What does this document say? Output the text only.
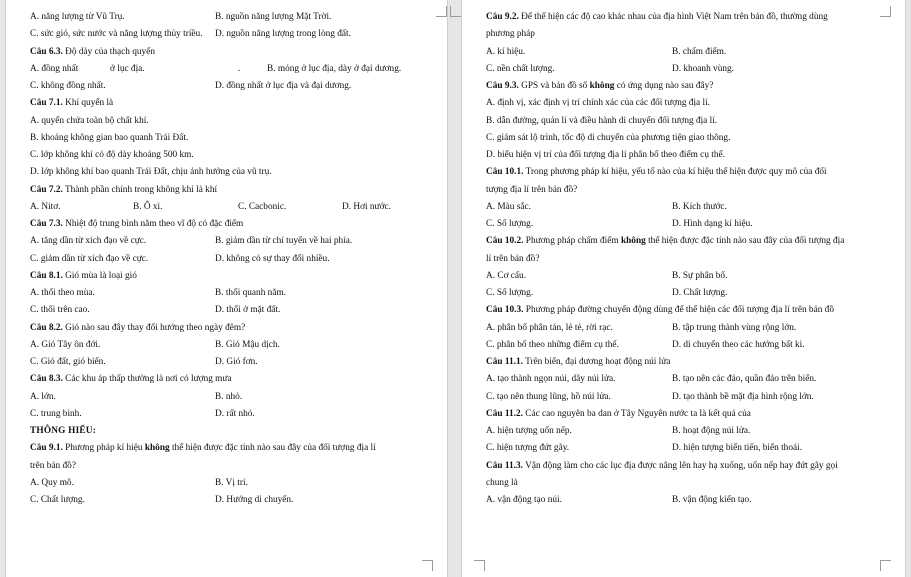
A. năng lượng từ Vũ Trụ.	B. nguồn năng lượng Mặt Trời.
C. sức gió, sức nước và năng lượng thủy triều. D. nguồn năng lượng trong lòng đất.
Câu 6.3. Độ dày của thạch quyển
A. đồng nhất	ở lục địa.	.	B. mỏng ở lục địa, dày ở đại dương.
C. không đồng nhất.	D. đồng nhất ở lục địa và đại dương.
Câu 7.1. Khí quyển là
A. quyển chứa toàn bộ chất khí.
B. khoảng không gian bao quanh Trái Đất.
C. lớp không khí có độ dày khoảng 500 km.
D. lớp không khí bao quanh Trái Đất, chịu ảnh hưởng của vũ trụ.
Câu 7.2. Thành phần chính trong không khí là khí
A. Nitơ.	B. Ô xi.	C. Cacbonic.	D. Hơi nước.
Câu 7.3. Nhiệt độ trung bình năm theo vĩ độ có đặc điểm
A. tăng dần từ xích đạo về cực.	B. giảm dần từ chí tuyến về hai phía.
C. giảm dần từ xích đạo về cực.	D. không có sự thay đổi nhiều.
Câu 8.1. Gió mùa là loại gió
A. thổi theo mùa.	B. thổi quanh năm.
C. thổi trên cao.	D. thổi ở mặt đất.
Câu 8.2. Gió nào sau đây thay đổi hướng theo ngày đêm?
A. Gió Tây ôn đới.	B. Gió Mậu dịch.
C. Gió đất, gió biển.	D. Gió fơn.
Câu 8.3. Các khu áp thấp thường là nơi có lượng mưa
A. lớn.	B. nhỏ.
C. trung bình.	D. rất nhỏ.
THÔNG HIỂU:
Câu 9.1. Phương pháp kí hiệu không thể hiện được đặc tính nào sau đây của đối tượng địa lí
trên bản đồ?
A. Quy mô.	B. Vị trí.
C. Chất lượng.	D. Hướng di chuyển.
Câu 9.2. Để thể hiện các độ cao khác nhau của địa hình Việt Nam trên bản đồ, thường dùng
phương pháp
A. kí hiệu.	B. chấm điểm.
C. nền chất lượng.	D. khoanh vùng.
Câu 9.3. GPS và bản đồ số không có ứng dụng nào sau đây?
A. định vị, xác định vị trí chính xác của các đối tượng địa lí.
B. dẫn đường, quản lí và điều hành di chuyển đối tượng địa lí.
C. giám sát lộ trình, tốc độ di chuyển của phương tiện giao thông.
D. biểu hiện vị trí của đối tượng địa lí phân bố theo điểm cụ thể.
Câu 10.1. Trong phương pháp kí hiệu, yếu tố nào của kí hiệu thể hiện được quy mô của đối
tượng địa lí trên bản đồ?
A. Màu sắc.	B. Kích thước.
C. Số lượng.	D. Hình dạng kí hiệu.
Câu 10.2. Phương pháp chấm điểm không thể hiện được đặc tính nào sau đây của đối tượng địa
lí trên bản đồ?
A. Cơ cấu.	B. Sự phân bố.
C. Số lượng.	D. Chất lượng.
Câu 10.3. Phương pháp đường chuyển động dùng để thể hiện các đối tượng địa lí trên bản đồ
A. phân bố phân tán, lẻ tẻ, rời rạc.	B. tập trung thành vùng rộng lớn.
C. phân bố theo những điểm cụ thể.	D. di chuyển theo các hướng bất kì.
Câu 11.1. Trên biển, đại dương hoạt động núi lửa
A. tạo thành ngọn núi, dãy núi lửa.	B. tạo nên các đảo, quần đảo trên biển.
C. tạo nên thung lũng, hồ núi lửa.	D. tạo thành bề mặt địa hình rộng lớn.
Câu 11.2. Các cao nguyên ba dan ở Tây Nguyên nước ta là kết quả của
A. hiện tượng uốn nếp.	B. hoạt động núi lửa.
C. hiện tượng đứt gãy.	D. hiện tượng biển tiến, biển thoái.
Câu 11.3. Vận động làm cho các lục địa được nâng lên hay hạ xuống, uốn nếp hay đứt gãy gọi
chung là
A. vận động tạo núi.	B. vận động kiến tạo.
